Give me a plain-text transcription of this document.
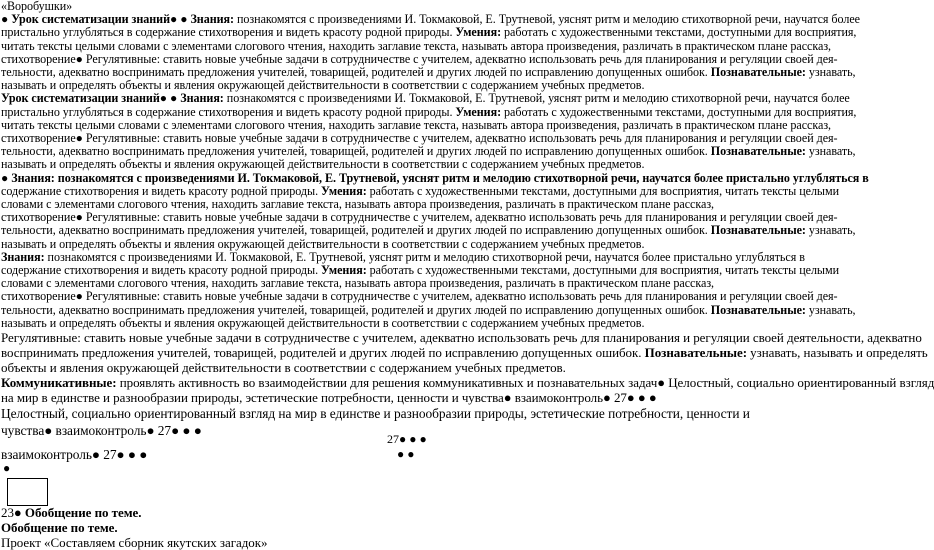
«Воробушки»
● Урок систематизации знаний● ● Знания: познакомятся с произведениями И. Токмаковой, Е. Трутневой, уяснят ритм и мелодию стихотворной речи, научатся более
пристально углубляться в содержание стихотворения и видеть красоту родной природы. Умения: работать с художественными текстами, доступными для восприятия,
читать тексты целыми словами с элементами слогового чтения, находить заглавие текста, называть автора произведения, различать в практическом плане рассказ,
стихотворение● Регулятивные: ставить новые учебные задачи в сотрудничестве с учителем, адекватно использовать речь для планирования и регуляции своей дея-
тельности, адекватно воспринимать предложения учителей, товарищей, родителей и других людей по исправлению допущенных ошибок. Познавательные: узнавать,
называть и определять объекты и явления окружающей действительности в соответствии с содержанием учебных предметов.
Урок систематизации знаний● ● Знания: познакомятся с произведениями И. Токмаковой, Е. Трутневой, уяснят ритм и мелодию стихотворной речи, научатся более
пристально углубляться в содержание стихотворения и видеть красоту родной природы. Умения: работать с художественными текстами, доступными для восприятия,
читать тексты целыми словами с элементами слогового чтения, находить заглавие текста, называть автора произведения, различать в практическом плане рассказ,
стихотворение● Регулятивные: ставить новые учебные задачи в сотрудничестве с учителем, адекватно использовать речь для планирования и регуляции своей дея-
тельности, адекватно воспринимать предложения учителей, товарищей, родителей и других людей по исправлению допущенных ошибок. Познавательные: узнавать,
называть и определять объекты и явления окружающей действительности в соответствии с содержанием учебных предметов.
● Знания: познакомятся с произведениями И. Токмаковой, Е. Трутневой, уяснят ритм и мелодию стихотворной речи, научатся более пристально углубляться в
содержание стихотворения и видеть красоту родной природы. Умения: работать с художественными текстами, доступными для восприятия, читать тексты целыми
словами с элементами слогового чтения, находить заглавие текста, называть автора произведения, различать в практическом плане рассказ,
стихотворение● Регулятивные: ставить новые учебные задачи в сотрудничестве с учителем, адекватно использовать речь для планирования и регуляции своей дея-
тельности, адекватно воспринимать предложения учителей, товарищей, родителей и других людей по исправлению допущенных ошибок. Познавательные: узнавать,
называть и определять объекты и явления окружающей действительности в соответствии с содержанием учебных предметов.
Знания: познакомятся с произведениями И. Токмаковой, Е. Трутневой, уяснят ритм и мелодию стихотворной речи, научатся более пристально углубляться в
содержание стихотворения и видеть красоту родной природы. Умения: работать с художественными текстами, доступными для восприятия, читать тексты целыми
словами с элементами слогового чтения, находить заглавие текста, называть автора произведения, различать в практическом плане рассказ,
стихотворение● Регулятивные: ставить новые учебные задачи в сотрудничестве с учителем, адекватно использовать речь для планирования и регуляции своей дея-
тельности, адекватно воспринимать предложения учителей, товарищей, родителей и других людей по исправлению допущенных ошибок. Познавательные: узнавать,
называть и определять объекты и явления окружающей действительности в соответствии с содержанием учебных предметов.
Регулятивные: ставить новые учебные задачи в сотрудничестве с учителем, адекватно использовать речь для планирования и регуляции своей деятельности, адекватно
воспринимать предложения учителей, товарищей, родителей и других людей по исправлению допущенных ошибок. Познавательные: узнавать, называть и определять
объекты и явления окружающей действительности в соответствии с содержанием учебных предметов.
Коммуникативные: проявлять активность во взаимодействии для решения коммуникативных и познавательных задач● Целостный, социально ориентированный взгляд
на мир в единстве и разнообразии природы, эстетические потребности, ценности и чувства● взаимоконтроль● 27● ● ●
Целостный, социально ориентированный взгляд на мир в единстве и разнообразии природы, эстетические потребности, ценности и
чувства● взаимоконтроль● 27● ● ●
взаимоконтроль● 27● ● ●
27● ● ●
● ●
●
23● Обобщение по теме.
Обобщение по теме.
Проект «Составляем сборник якутских загадок»
